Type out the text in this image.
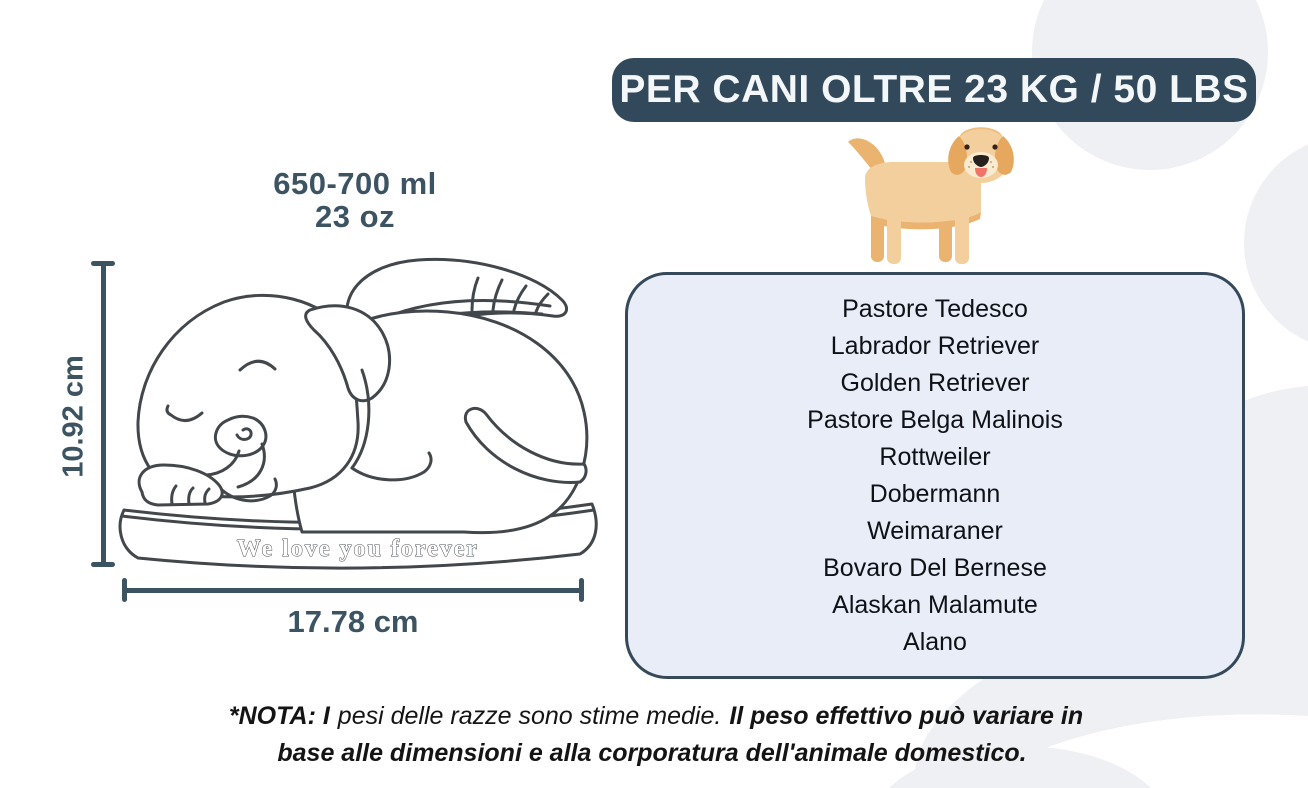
PER CANI OLTRE 23 KG / 50 LBS
Pastore Tedesco
Labrador Retriever
Golden Retriever
Pastore Belga Malinois
Rottweiler
Dobermann
Weimaraner
Bovaro Del Bernese
Alaskan Malamute
Alano
650-700 ml
23 oz
10.92 cm
17.78 cm
We love you forever
*NOTA: I pesi delle razze sono stime medie. Il peso effettivo può variare in base alle dimensioni e alla corporatura dell'animale domestico.
